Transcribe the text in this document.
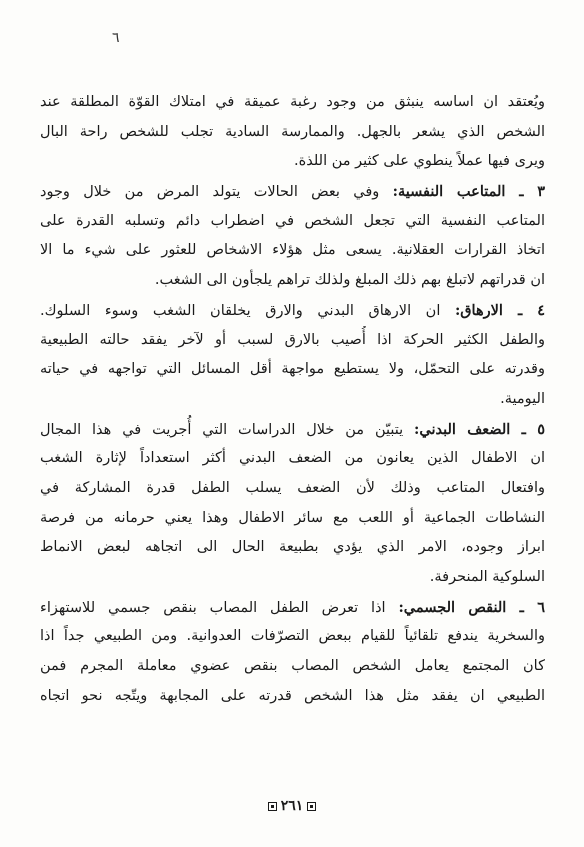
٦
ويُعتقد ان اساسه ينبثق من وجود رغبة عميقة في امتلاك القوّة المطلقة عند
الشخص الذي يشعر بالجهل. والممارسة السادية تجلب للشخص راحة البال
ويرى فيها عملاً ينطوي على كثير من اللذة.
٣ ـ المتاعب النفسية: وفي بعض الحالات يتولد المرض من خلال وجود
المتاعب النفسية التي تجعل الشخص في اضطراب دائم وتسلبه القدرة على
اتخاذ القرارات العقلانية. يسعى مثل هؤلاء الاشخاص للعثور على شيء ما الا
ان قدراتهم لاتبلغ بهم ذلك المبلغ ولذلك تراهم يلجأون الى الشغب.
٤ ـ الارهاق: ان الارهاق البدني والارق يخلقان الشغب وسوء السلوك.
والطفل الكثير الحركة اذا أُصيب بالارق لسبب أو لآخر يفقد حالته الطبيعية
وقدرته على التحمّل، ولا يستطيع مواجهة أقل المسائل التي تواجهه في حياته
اليومية.
٥ ـ الضعف البدني: يتبيّن من خلال الدراسات التي أُجريت في هذا المجال
ان الاطفال الذين يعانون من الضعف البدني أكثر استعداداً لإثارة الشغب
وافتعال المتاعب وذلك لأن الضعف يسلب الطفل قدرة المشاركة في
النشاطات الجماعية أو اللعب مع سائر الاطفال وهذا يعني حرمانه من فرصة
ابراز وجوده، الامر الذي يؤدي بطبيعة الحال الى اتجاهه لبعض الانماط
السلوكية المنحرفة.
٦ ـ النقص الجسمي: اذا تعرض الطفل المصاب بنقص جسمي للاستهزاء
والسخرية يندفع تلقائياً للقيام ببعض التصرّفات العدوانية. ومن الطبيعي جداً اذا
كان المجتمع يعامل الشخص المصاب بنقص عضوي معاملة المجرم فمن
الطبيعي ان يفقد مثل هذا الشخص قدرته على المجابهة ويتّجه نحو اتجاه
٢٦١
